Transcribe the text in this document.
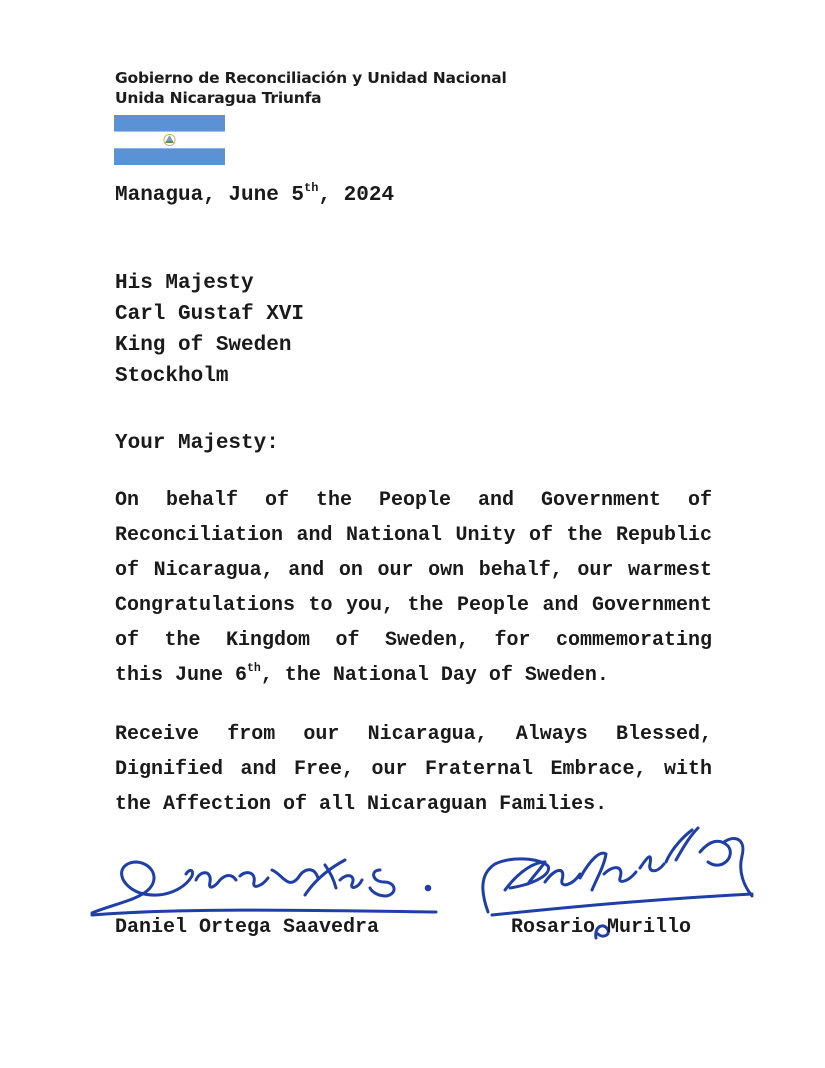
Gobierno de Reconciliación y Unidad Nacional
Unida Nicaragua Triunfa
Managua, June 5th, 2024
His Majesty
Carl Gustaf XVI
King of Sweden
Stockholm
Your Majesty:
On behalf of the People and Government of
Reconciliation and National Unity of the Republic
of Nicaragua, and on our own behalf, our warmest
Congratulations to you, the People and Government
of the Kingdom of Sweden, for commemorating
this June 6th, the National Day of Sweden.
Receive from our Nicaragua, Always Blessed,
Dignified and Free, our Fraternal Embrace, with
the Affection of all Nicaraguan Families.
Daniel Ortega Saavedra	Rosario Murillo
